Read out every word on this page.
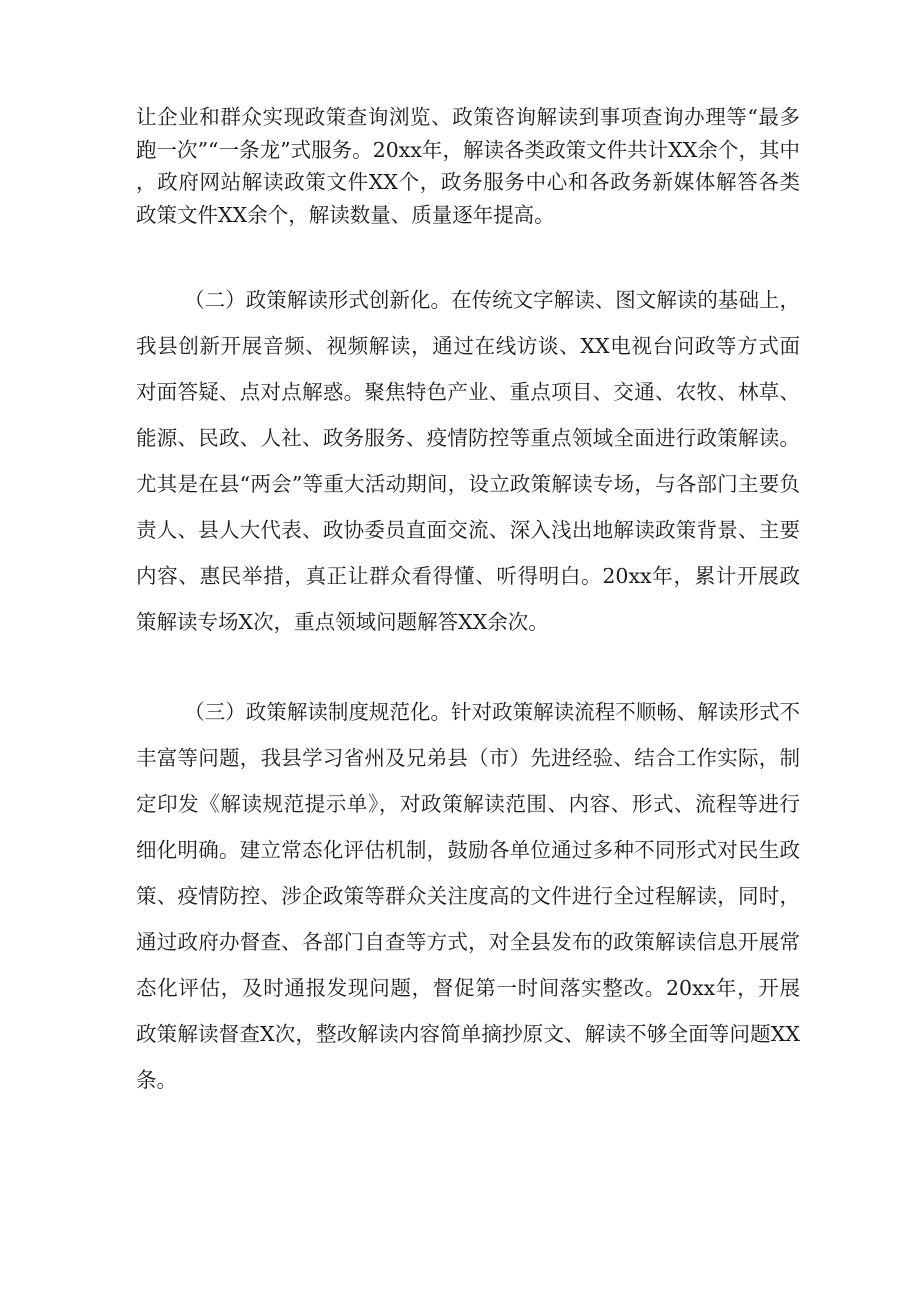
让企业和群众实现政策查询浏览、政策咨询解读到事项查询办理等“最多跑一次”“一条龙”式服务。20xx年，解读各类政策文件共计XX余个，其中，政府网站解读政策文件XX个，政务服务中心和各政务新媒体解答各类政策文件XX余个，解读数量、质量逐年提高。

（二）政策解读形式创新化。在传统文字解读、图文解读的基础上，我县创新开展音频、视频解读，通过在线访谈、XX电视台问政等方式面对面答疑、点对点解惑。聚焦特色产业、重点项目、交通、农牧、林草、能源、民政、人社、政务服务、疫情防控等重点领域全面进行政策解读。尤其是在县“两会”等重大活动期间，设立政策解读专场，与各部门主要负责人、县人大代表、政协委员直面交流、深入浅出地解读政策背景、主要内容、惠民举措，真正让群众看得懂、听得明白。20xx年，累计开展政策解读专场X次，重点领域问题解答XX余次。

（三）政策解读制度规范化。针对政策解读流程不顺畅、解读形式不丰富等问题，我县学习省州及兄弟县（市）先进经验、结合工作实际，制定印发《解读规范提示单》，对政策解读范围、内容、形式、流程等进行细化明确。建立常态化评估机制，鼓励各单位通过多种不同形式对民生政策、疫情防控、涉企政策等群众关注度高的文件进行全过程解读，同时，通过政府办督查、各部门自查等方式，对全县发布的政策解读信息开展常态化评估，及时通报发现问题，督促第一时间落实整改。20xx年，开展政策解读督查X次，整改解读内容简单摘抄原文、解读不够全面等问题XX条。
